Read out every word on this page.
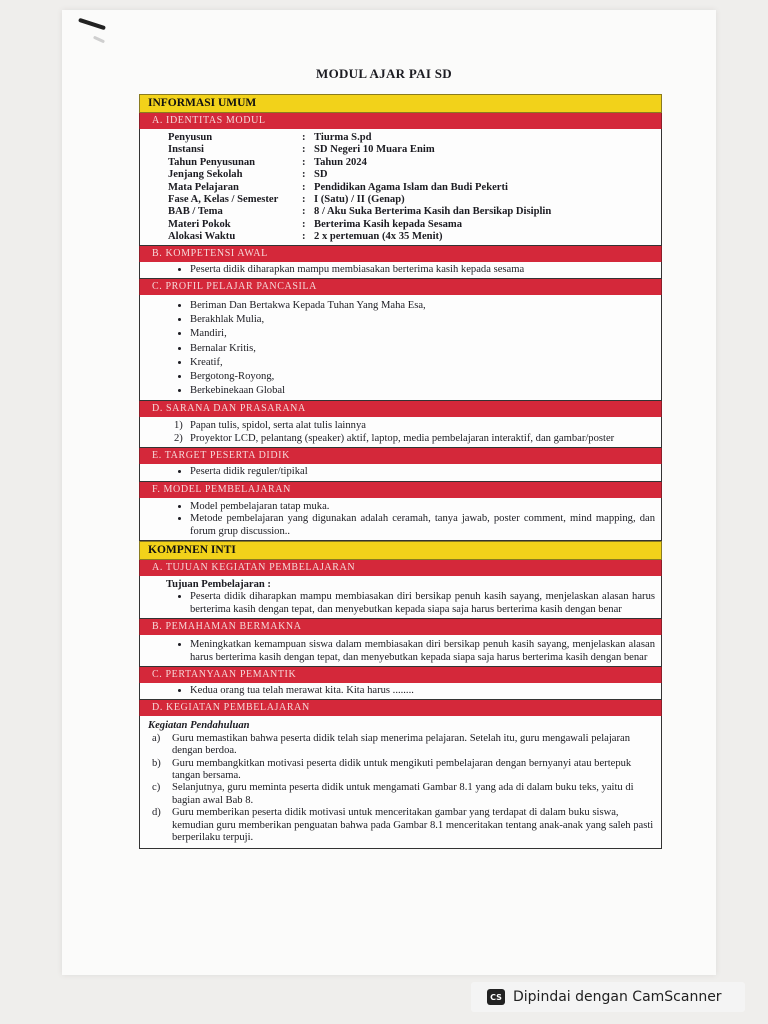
MODUL AJAR PAI SD
INFORMASI UMUM
A. IDENTITAS MODUL
Penyusun	: Tiurma S.pd
Instansi	: SD Negeri 10 Muara Enim
Tahun Penyusunan	: Tahun 2024
Jenjang Sekolah	: SD
Mata Pelajaran	: Pendidikan Agama Islam dan Budi Pekerti
Fase A, Kelas / Semester	: I (Satu) / II (Genap)
BAB / Tema	: 8 / Aku Suka Berterima Kasih dan Bersikap Disiplin
Materi Pokok	: Berterima Kasih kepada Sesama
Alokasi Waktu	: 2 x pertemuan (4x 35 Menit)
B. KOMPETENSI AWAL
• Peserta didik diharapkan mampu membiasakan berterima kasih kepada sesama
C. PROFIL PELAJAR PANCASILA
• Beriman Dan Bertakwa Kepada Tuhan Yang Maha Esa,
• Berakhlak Mulia,
• Mandiri,
• Bernalar Kritis,
• Kreatif,
• Bergotong-Royong,
• Berkebinekaan Global
D. SARANA DAN PRASARANA
1) Papan tulis, spidol, serta alat tulis lainnya
2) Proyektor LCD, pelantang (speaker) aktif, laptop, media pembelajaran interaktif, dan gambar/poster
E. TARGET PESERTA DIDIK
• Peserta didik reguler/tipikal
F. MODEL PEMBELAJARAN
• Model pembelajaran tatap muka.
• Metode pembelajaran yang digunakan adalah ceramah, tanya jawab, poster comment, mind mapping, dan forum grup discussion..
KOMPNEN INTI
A. TUJUAN KEGIATAN PEMBELAJARAN
Tujuan Pembelajaran :
• Peserta didik diharapkan mampu membiasakan diri bersikap penuh kasih sayang, menjelaskan alasan harus berterima kasih dengan tepat, dan menyebutkan kepada siapa saja harus berterima kasih dengan benar
B. PEMAHAMAN BERMAKNA
• Meningkatkan kemampuan siswa dalam membiasakan diri bersikap penuh kasih sayang, menjelaskan alasan harus berterima kasih dengan tepat, dan menyebutkan kepada siapa saja harus berterima kasih dengan benar
C. PERTANYAAN PEMANTIK
• Kedua orang tua telah merawat kita. Kita harus ........
D. KEGIATAN PEMBELAJARAN
Kegiatan Pendahuluan
a) Guru memastikan bahwa peserta didik telah siap menerima pelajaran. Setelah itu, guru mengawali pelajaran dengan berdoa.
b) Guru membangkitkan motivasi peserta didik untuk mengikuti pembelajaran dengan bernyanyi atau bertepuk tangan bersama.
c) Selanjutnya, guru meminta peserta didik untuk mengamati Gambar 8.1 yang ada di dalam buku teks, yaitu di bagian awal Bab 8.
d) Guru memberikan peserta didik motivasi untuk menceritakan gambar yang terdapat di dalam buku siswa, kemudian guru memberikan penguatan bahwa pada Gambar 8.1 menceritakan tentang anak-anak yang saleh pasti berperilaku terpuji.
CS Dipindai dengan CamScanner
